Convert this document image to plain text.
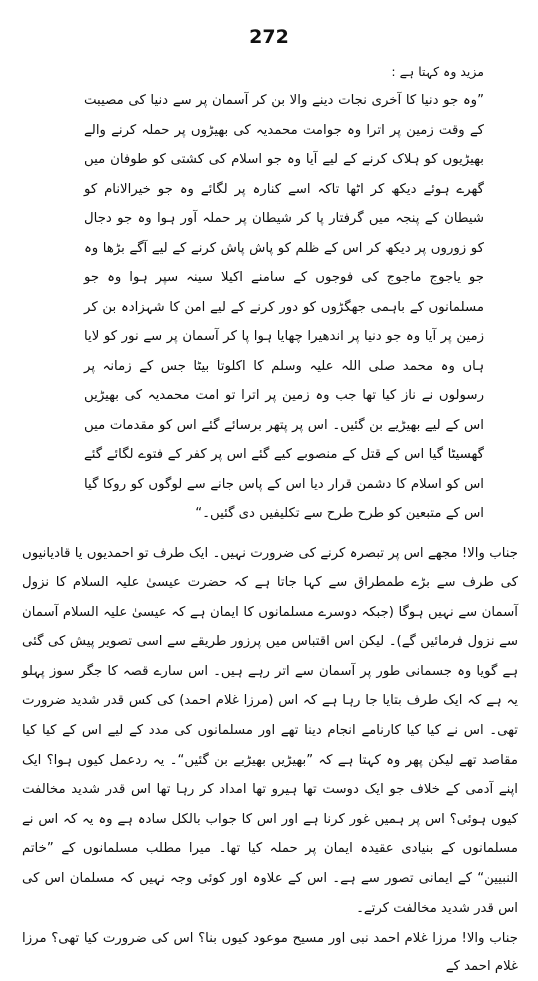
272

مزید وہ کہتا ہے :

”وہ جو دنیا کا آخری نجات دینے والا بن کر آسمان پر سے دنیا کی مصیبت کے وقت زمین پر اترا وہ جوامت محمدیہ کی بھیڑوں پر حملہ کرنے والے بھیڑیوں کو ہلاک کرنے کے لیے آیا وہ جو اسلام کی کشتی کو طوفان میں گھرے ہوئے دیکھ کر اٹھا تاکہ اسے کنارہ پر لگائے وہ جو خیرالانام کو شیطان کے پنجہ میں گرفتار پا کر شیطان پر حملہ آور ہوا وہ جو دجال کو زوروں پر دیکھ کر اس کے ظلم کو پاش پاش کرنے کے لیے آگے بڑھا وہ جو یاجوج ماجوج کی فوجوں کے سامنے اکیلا سینہ سپر ہوا وہ جو مسلمانوں کے باہمی جھگڑوں کو دور کرنے کے لیے امن کا شہزادہ بن کر زمین پر آیا وہ جو دنیا پر اندھیرا چھایا ہوا پا کر آسمان پر سے نور کو لایا ہاں وہ محمد صلی اللہ علیہ وسلم کا اکلوتا بیٹا جس کے زمانہ پر رسولوں نے ناز کیا تھا جب وہ زمین پر اترا تو امت محمدیہ کی بھیڑیں اس کے لیے بھیڑیے بن گئیں۔ اس پر پتھر برسائے گئے اس کو مقدمات میں گھسیٹا گیا اس کے قتل کے منصوبے کیے گئے اس پر کفر کے فتوے لگائے گئے اس کو اسلام کا دشمن قرار دیا اس کے پاس جانے سے لوگوں کو روکا گیا اس کے متبعین کو طرح طرح سے تکلیفیں دی گئیں۔“

جناب والا! مجھے اس پر تبصرہ کرنے کی ضرورت نہیں۔ ایک طرف تو احمدیوں یا قادیانیوں کی طرف سے بڑے طمطراق سے کہا جاتا ہے کہ حضرت عیسیٰ علیہ السلام کا نزول آسمان سے نہیں ہوگا (جبکہ دوسرے مسلمانوں کا ایمان ہے کہ عیسیٰ علیہ السلام آسمان سے نزول فرمائیں گے)۔ لیکن اس اقتباس میں پرزور طریقے سے اسی تصویر پیش کی گئی ہے گویا وہ جسمانی طور پر آسمان سے اتر رہے ہیں۔ اس سارے قصہ کا جگر سوز پہلو یہ ہے کہ ایک طرف بتایا جا رہا ہے کہ اس (مرزا غلام احمد) کی کس قدر شدید ضرورت تھی۔ اس نے کیا کیا کارنامے انجام دینا تھے اور مسلمانوں کی مدد کے لیے اس کے کیا کیا مقاصد تھے لیکن پھر وہ کہتا ہے کہ ”بھیڑیں بھیڑیے بن گئیں“۔ یہ ردعمل کیوں ہوا؟ ایک اپنے آدمی کے خلاف جو ایک دوست تھا ہیرو تھا امداد کر رہا تھا اس قدر شدید مخالفت کیوں ہوئی؟ اس پر ہمیں غور کرنا ہے اور اس کا جواب بالکل سادہ ہے وہ یہ کہ اس نے مسلمانوں کے بنیادی عقیدہ ایمان پر حملہ کیا تھا۔ میرا مطلب مسلمانوں کے ”خاتم النبیین“ کے ایمانی تصور سے ہے۔ اس کے علاوہ اور کوئی وجہ نہیں کہ مسلمان اس کی اس قدر شدید مخالفت کرتے۔

جناب والا! مرزا غلام احمد نبی اور مسیح موعود کیوں بنا؟ اس کی ضرورت کیا تھی؟ مرزا غلام احمد کے
